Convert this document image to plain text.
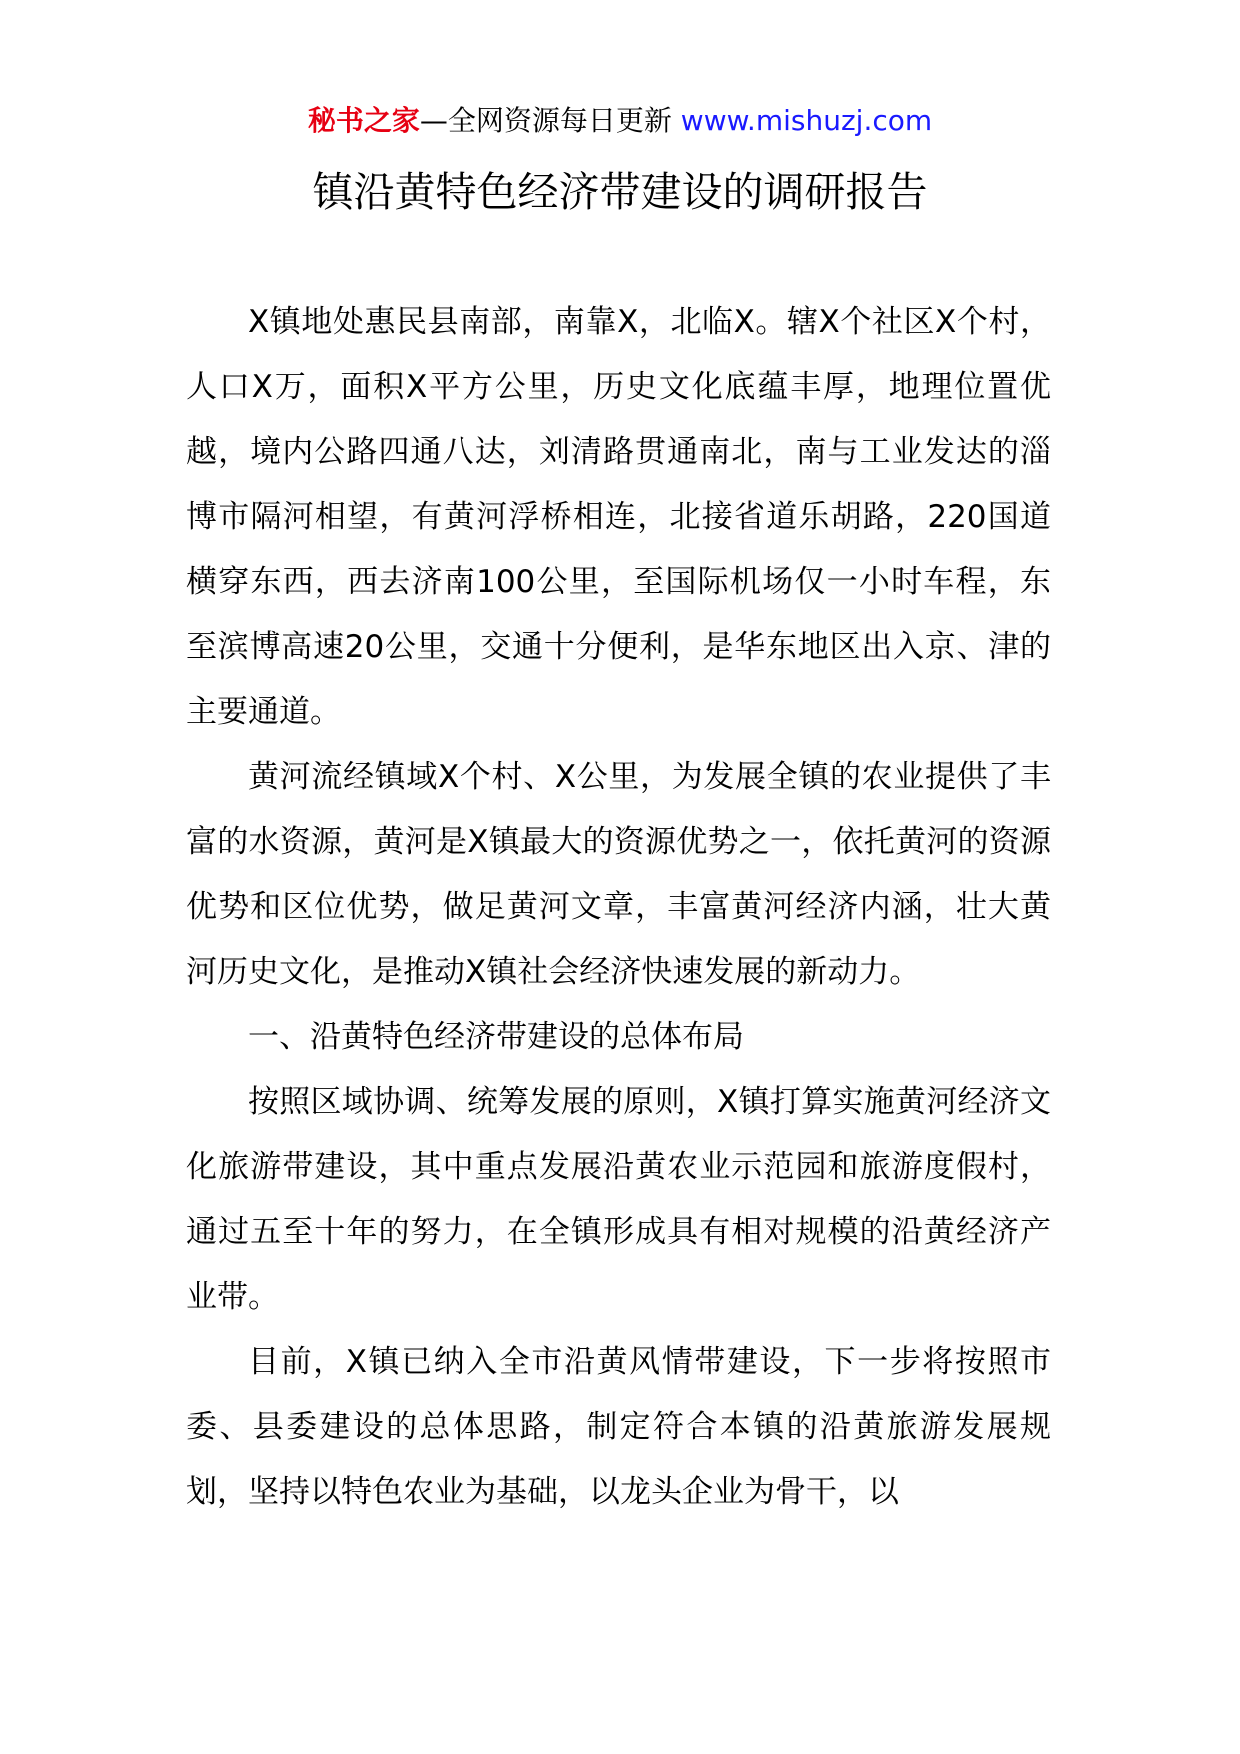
秘书之家—全网资源每日更新 www.mishuzj.com
镇沿黄特色经济带建设的调研报告

X镇地处惠民县南部，南靠X，北临X。辖X个社区X个村，人口X万，面积X平方公里，历史文化底蕴丰厚，地理位置优越，境内公路四通八达，刘清路贯通南北，南与工业发达的淄博市隔河相望，有黄河浮桥相连，北接省道乐胡路，220国道横穿东西，西去济南100公里，至国际机场仅一小时车程，东至滨博高速20公里，交通十分便利，是华东地区出入京、津的主要通道。

黄河流经镇域X个村、X公里，为发展全镇的农业提供了丰富的水资源，黄河是X镇最大的资源优势之一，依托黄河的资源优势和区位优势，做足黄河文章，丰富黄河经济内涵，壮大黄河历史文化，是推动X镇社会经济快速发展的新动力。

一、沿黄特色经济带建设的总体布局

按照区域协调、统筹发展的原则，X镇打算实施黄河经济文化旅游带建设，其中重点发展沿黄农业示范园和旅游度假村，通过五至十年的努力，在全镇形成具有相对规模的沿黄经济产业带。

目前，X镇已纳入全市沿黄风情带建设，下一步将按照市委、县委建设的总体思路，制定符合本镇的沿黄旅游发展规划，坚持以特色农业为基础，以龙头企业为骨干，以
